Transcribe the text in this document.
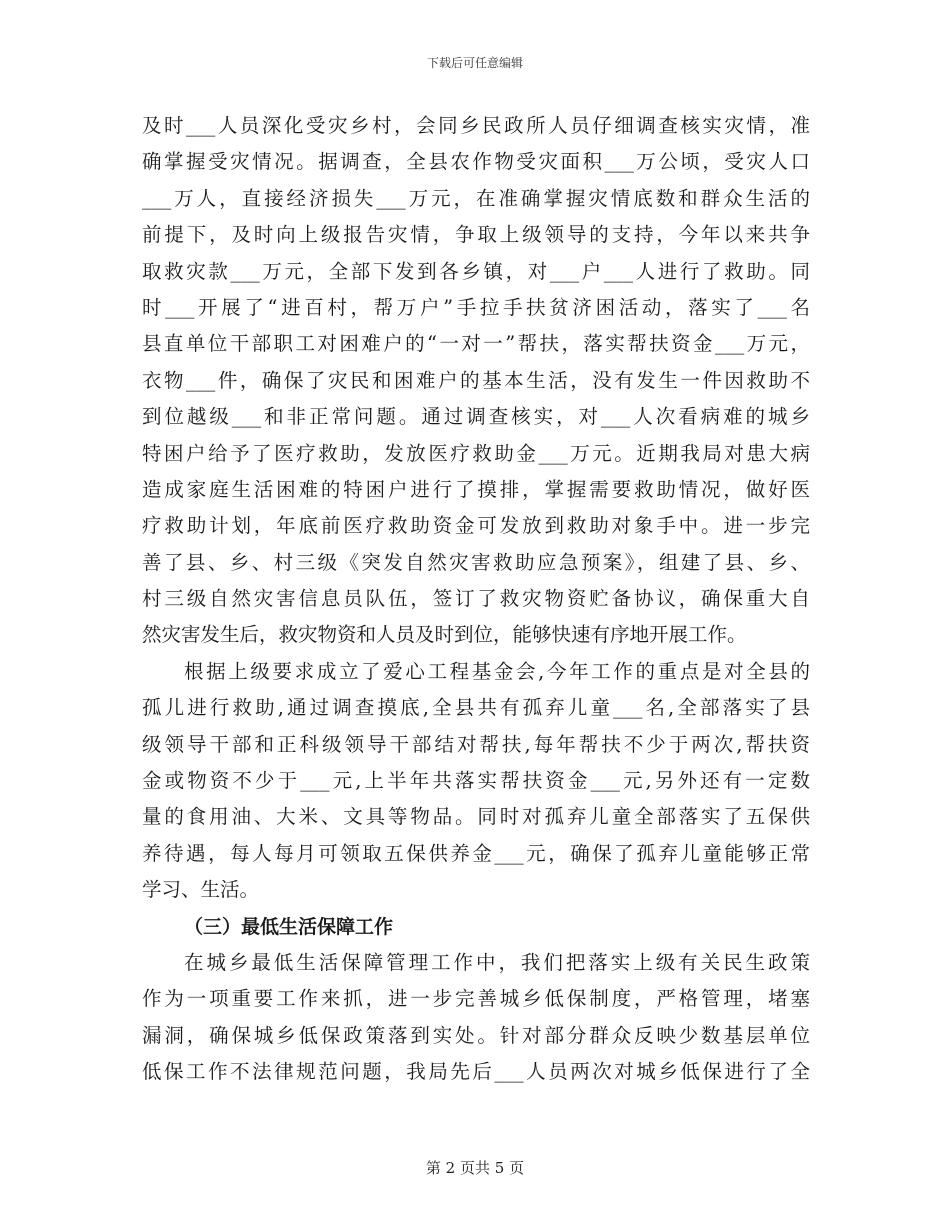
下载后可任意编辑
及时___人员深化受灾乡村，会同乡民政所人员仔细调查核实灾情，准
确掌握受灾情况。据调查，全县农作物受灾面积___万公顷，受灾人口
___万人，直接经济损失___万元，在准确掌握灾情底数和群众生活的
前提下，及时向上级报告灾情，争取上级领导的支持，今年以来共争
取救灾款___万元，全部下发到各乡镇，对___户___人进行了救助。同
时___开展了“进百村，帮万户”手拉手扶贫济困活动，落实了___名
县直单位干部职工对困难户的“一对一”帮扶，落实帮扶资金___万元，
衣物___件，确保了灾民和困难户的基本生活，没有发生一件因救助不
到位越级___和非正常问题。通过调查核实，对___人次看病难的城乡
特困户给予了医疗救助，发放医疗救助金___万元。近期我局对患大病
造成家庭生活困难的特困户进行了摸排，掌握需要救助情况，做好医
疗救助计划，年底前医疗救助资金可发放到救助对象手中。进一步完
善了县、乡、村三级《突发自然灾害救助应急预案》，组建了县、乡、
村三级自然灾害信息员队伍，签订了救灾物资贮备协议，确保重大自
然灾害发生后，救灾物资和人员及时到位，能够快速有序地开展工作。
根据上级要求成立了爱心工程基金会,今年工作的重点是对全县的
孤儿进行救助,通过调查摸底,全县共有孤弃儿童___名,全部落实了县
级领导干部和正科级领导干部结对帮扶,每年帮扶不少于两次,帮扶资
金或物资不少于___元,上半年共落实帮扶资金___元,另外还有一定数
量的食用油、大米、文具等物品。同时对孤弃儿童全部落实了五保供
养待遇，每人每月可领取五保供养金___元，确保了孤弃儿童能够正常
学习、生活。
（三）最低生活保障工作
在城乡最低生活保障管理工作中，我们把落实上级有关民生政策
作为一项重要工作来抓，进一步完善城乡低保制度，严格管理，堵塞
漏洞，确保城乡低保政策落到实处。针对部分群众反映少数基层单位
低保工作不法律规范问题，我局先后___人员两次对城乡低保进行了全
第 2 页共 5 页
